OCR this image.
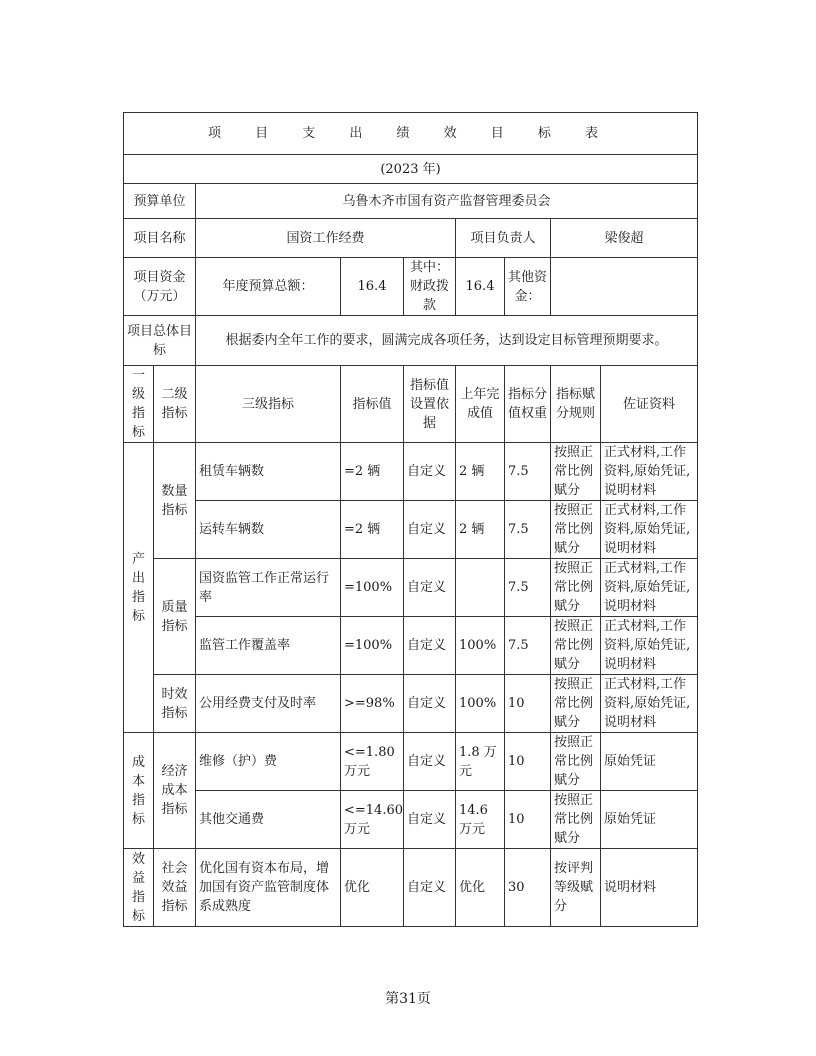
项 目 支 出 绩 效 目 标 表								
(2023 年)								
预算单位		乌鲁木齐市国有资产监督管理委员会						
项目名称		国资工作经费			项目负责人		梁俊超	
项目资金（万元）		年度预算总额：	16.4	其中：财政拨款	16.4	其他资金：		
项目总体目标		根据委内全年工作的要求，圆满完成各项任务，达到设定目标管理预期要求。						
一级指标	二级指标	三级指标	指标值	指标值设置依据	上年完成值	指标分值权重	指标赋分规则	佐证资料
产出指标	数量指标	租赁车辆数	=2 辆	自定义	2 辆	7.5	按照正常比例赋分	正式材料,工作资料,原始凭证,说明材料
		运转车辆数	=2 辆	自定义	2 辆	7.5	按照正常比例赋分	正式材料,工作资料,原始凭证,说明材料
	质量指标	国资监管工作正常运行率	=100%	自定义		7.5	按照正常比例赋分	正式材料,工作资料,原始凭证,说明材料
		监管工作覆盖率	=100%	自定义	100%	7.5	按照正常比例赋分	正式材料,工作资料,原始凭证,说明材料
	时效指标	公用经费支付及时率	>=98%	自定义	100%	10	按照正常比例赋分	正式材料,工作资料,原始凭证,说明材料
成本指标	经济成本指标	维修（护）费	<=1.80 万元	自定义	1.8 万元	10	按照正常比例赋分	原始凭证
		其他交通费	<=14.60 万元	自定义	14.6 万元	10	按照正常比例赋分	原始凭证
效益指标	社会效益指标	优化国有资本布局，增加国有资产监管制度体系成熟度	优化	自定义	优化	30	按评判等级赋分	说明材料
第31页
